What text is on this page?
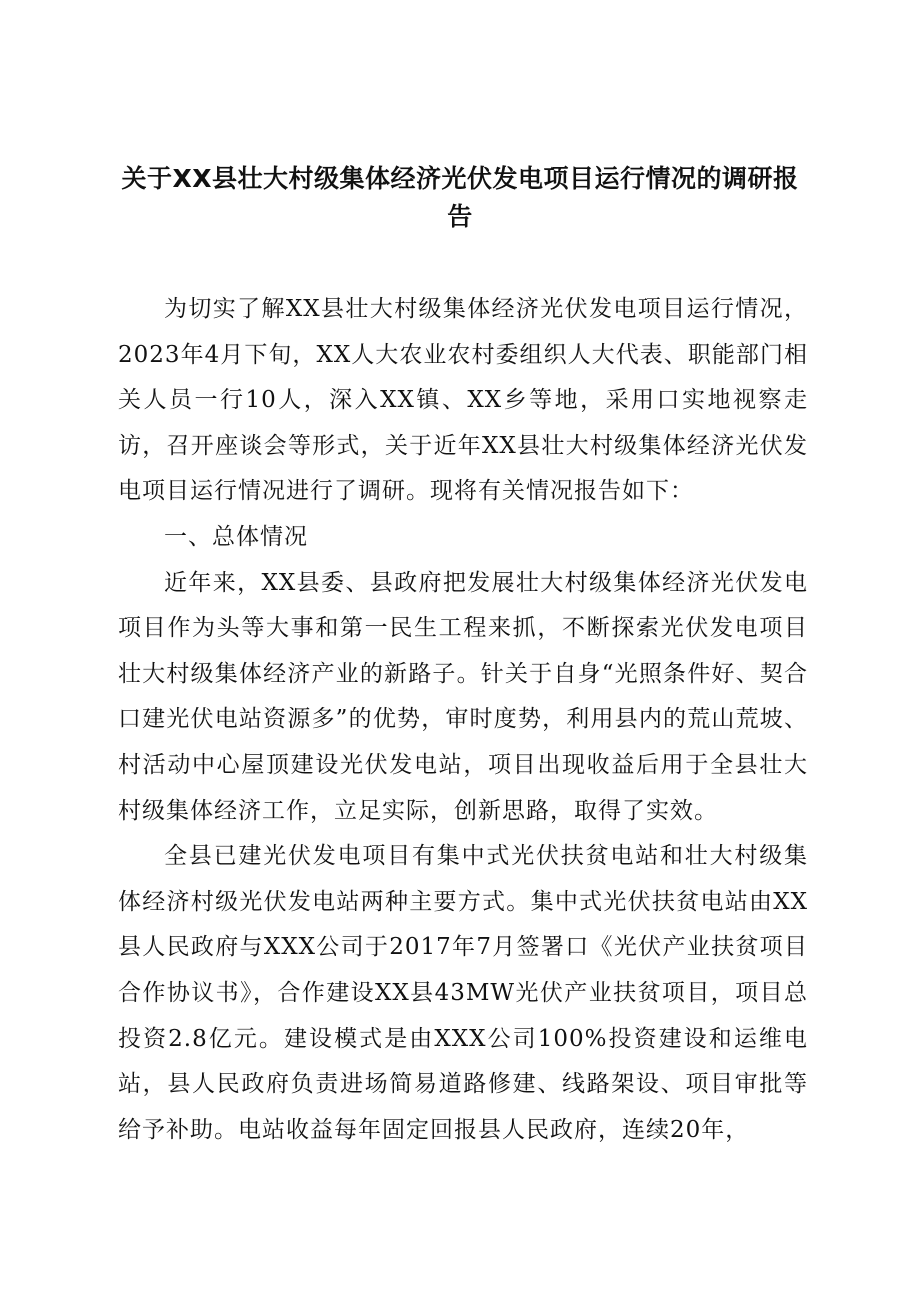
关于XX县壮大村级集体经济光伏发电项目运行情况的调研报告

为切实了解XX县壮大村级集体经济光伏发电项目运行情况，2023年4月下旬，XX人大农业农村委组织人大代表、职能部门相关人员一行10人，深入XX镇、XX乡等地，采用口实地视察走访，召开座谈会等形式，关于近年XX县壮大村级集体经济光伏发电项目运行情况进行了调研。现将有关情况报告如下：

一、总体情况

近年来，XX县委、县政府把发展壮大村级集体经济光伏发电项目作为头等大事和第一民生工程来抓，不断探索光伏发电项目壮大村级集体经济产业的新路子。针关于自身“光照条件好、契合口建光伏电站资源多”的优势，审时度势，利用县内的荒山荒坡、村活动中心屋顶建设光伏发电站，项目出现收益后用于全县壮大村级集体经济工作，立足实际，创新思路，取得了实效。

全县已建光伏发电项目有集中式光伏扶贫电站和壮大村级集体经济村级光伏发电站两种主要方式。集中式光伏扶贫电站由XX县人民政府与XXX公司于2017年7月签署口《光伏产业扶贫项目合作协议书》，合作建设XX县43MW光伏产业扶贫项目，项目总投资2.8亿元。建设模式是由XXX公司100%投资建设和运维电站，县人民政府负责进场简易道路修建、线路架设、项目审批等给予补助。电站收益每年固定回报县人民政府，连续20年，
